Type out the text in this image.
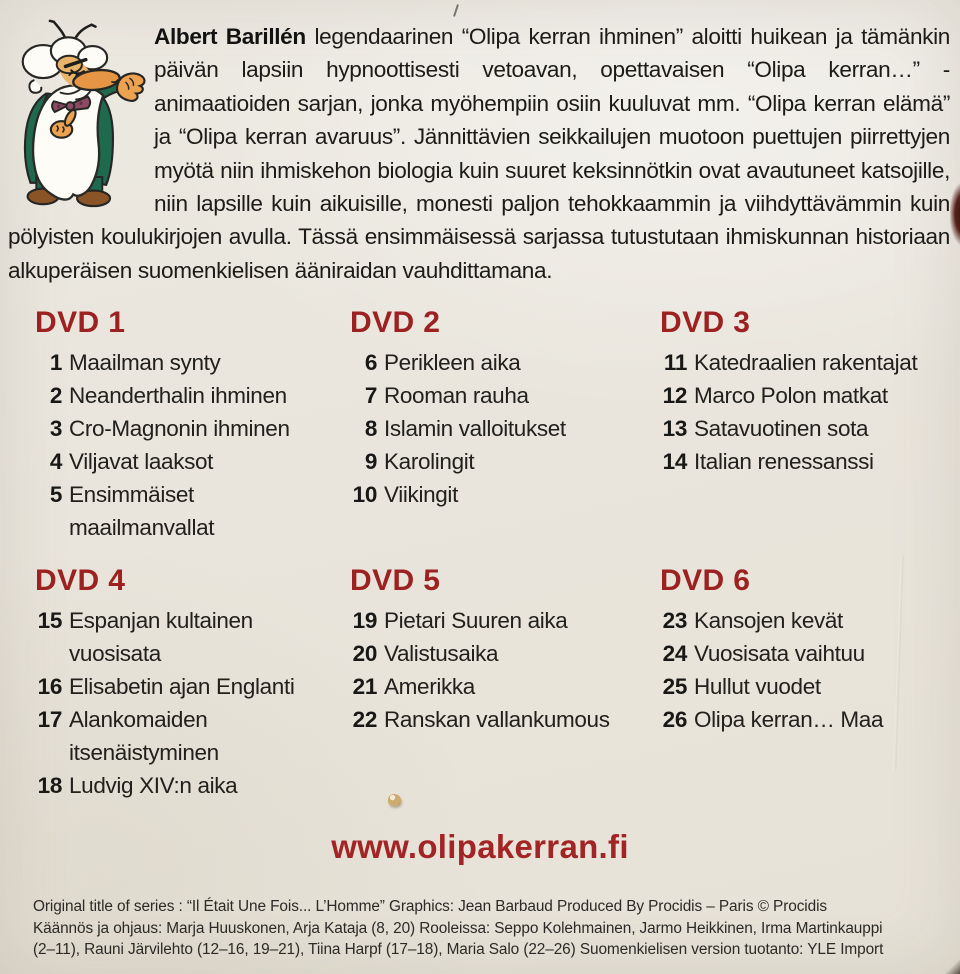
Albert Barillén legendaarinen “Olipa kerran ihminen” aloitti huikean ja tämänkin päivän lapsiin hypnoottisesti vetoavan, opettavaisen “Olipa kerran…” -animaatioiden sarjan, jonka myöhempiin osiin kuuluvat mm. “Olipa kerran elämä” ja “Olipa kerran avaruus”. Jännittävien seikkailujen muotoon puettujen piirrettyjen myötä niin ihmiskehon biologia kuin suuret keksinnötkin ovat avautuneet katsojille, niin lapsille kuin aikuisille, monesti paljon tehokkaammin ja viihdyttävämmin kuin pölyisten koulukirjojen avulla. Tässä ensimmäisessä sarjassa tutustutaan ihmiskunnan historiaan alkuperäisen suomenkielisen ääniraidan vauhdittamana.

DVD 1
1 Maailman synty
2 Neanderthalin ihminen
3 Cro-Magnonin ihminen
4 Viljavat laaksot
5 Ensimmäiset maailmanvallat
DVD 2
6 Perikleen aika
7 Rooman rauha
8 Islamin valloitukset
9 Karolingit
10 Viikingit
DVD 3
11 Katedraalien rakentajat
12 Marco Polon matkat
13 Satavuotinen sota
14 Italian renessanssi
DVD 4
15 Espanjan kultainen vuosisata
16 Elisabetin ajan Englanti
17 Alankomaiden itsenäistyminen
18 Ludvig XIV:n aika
DVD 5
19 Pietari Suuren aika
20 Valistusaika
21 Amerikka
22 Ranskan vallankumous
DVD 6
23 Kansojen kevät
24 Vuosisata vaihtuu
25 Hullut vuodet
26 Olipa kerran… Maa
www.olipakerran.fi

Original title of series : “Il Était Une Fois... L’Homme” Graphics: Jean Barbaud Produced By Procidis – Paris © Procidis

Käännös ja ohjaus: Marja Huuskonen, Arja Kataja (8, 20) Rooleissa: Seppo Kolehmainen, Jarmo Heikkinen, Irma Martinkauppi

(2–11), Rauni Järvilehto (12–16, 19–21), Tiina Harpf (17–18), Maria Salo (22–26) Suomenkielisen version tuotanto: YLE Import
